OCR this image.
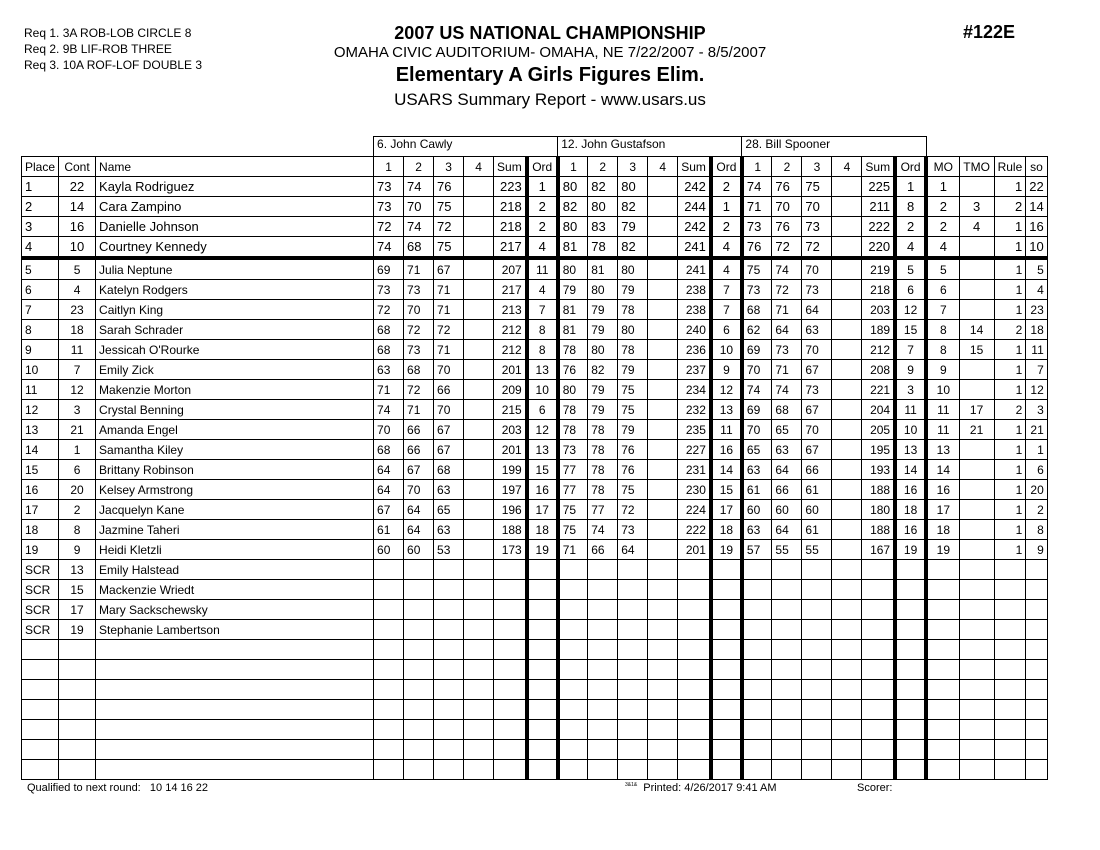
Req 1. 3A ROB-LOB CIRCLE 8
Req 2. 9B LIF-ROB THREE
Req 3. 10A ROF-LOF DOUBLE 3
2007 US NATIONAL CHAMPIONSHIP
OMAHA CIVIC AUDITORIUM- OMAHA, NE 7/22/2007 - 8/5/2007
Elementary A Girls Figures Elim.
USARS Summary Report - www.usars.us
#122E
			6. John Cawly						12. John Gustafson						28. Bill Spooner									
Place	Cont	Name	1	2	3	4	Sum	Ord	1	2	3	4	Sum	Ord	1	2	3	4	Sum	Ord	MO	TMO	Rule	so
1	22	Kayla Rodriguez	73	74	76		223	1	80	82	80		242	2	74	76	75		225	1	1		1	22
2	14	Cara Zampino	73	70	75		218	2	82	80	82		244	1	71	70	70		211	8	2	3	2	14
3	16	Danielle Johnson	72	74	72		218	2	80	83	79		242	2	73	76	73		222	2	2	4	1	16
4	10	Courtney Kennedy	74	68	75		217	4	81	78	82		241	4	76	72	72		220	4	4		1	10
5	5	Julia Neptune	69	71	67		207	11	80	81	80		241	4	75	74	70		219	5	5		1	5
6	4	Katelyn Rodgers	73	73	71		217	4	79	80	79		238	7	73	72	73		218	6	6		1	4
7	23	Caitlyn King	72	70	71		213	7	81	79	78		238	7	68	71	64		203	12	7		1	23
8	18	Sarah Schrader	68	72	72		212	8	81	79	80		240	6	62	64	63		189	15	8	14	2	18
9	11	Jessicah O'Rourke	68	73	71		212	8	78	80	78		236	10	69	73	70		212	7	8	15	1	11
10	7	Emily Zick	63	68	70		201	13	76	82	79		237	9	70	71	67		208	9	9		1	7
11	12	Makenzie Morton	71	72	66		209	10	80	79	75		234	12	74	74	73		221	3	10		1	12
12	3	Crystal Benning	74	71	70		215	6	78	79	75		232	13	69	68	67		204	11	11	17	2	3
13	21	Amanda Engel	70	66	67		203	12	78	78	79		235	11	70	65	70		205	10	11	21	1	21
14	1	Samantha Kiley	68	66	67		201	13	73	78	76		227	16	65	63	67		195	13	13		1	1
15	6	Brittany Robinson	64	67	68		199	15	77	78	76		231	14	63	64	66		193	14	14		1	6
16	20	Kelsey Armstrong	64	70	63		197	16	77	78	75		230	15	61	66	61		188	16	16		1	20
17	2	Jacquelyn Kane	67	64	65		196	17	75	77	72		224	17	60	60	60		180	18	17		1	2
18	8	Jazmine Taheri	61	64	63		188	18	75	74	73		222	18	63	64	61		188	16	18		1	8
19	9	Heidi Kletzli	60	60	53		173	19	71	66	64		201	19	57	55	55		167	19	19		1	9
SCR	13	Emily Halstead																						
SCR	15	Mackenzie Wriedt																						
SCR	17	Mary Sackschewsky																						
SCR	19	Stephanie Lambertson																						

Qualified to next round: 10 14 16 22	$^{3\&1\&}$ Printed: 4/26/2017 9:41 AM	Scorer:
